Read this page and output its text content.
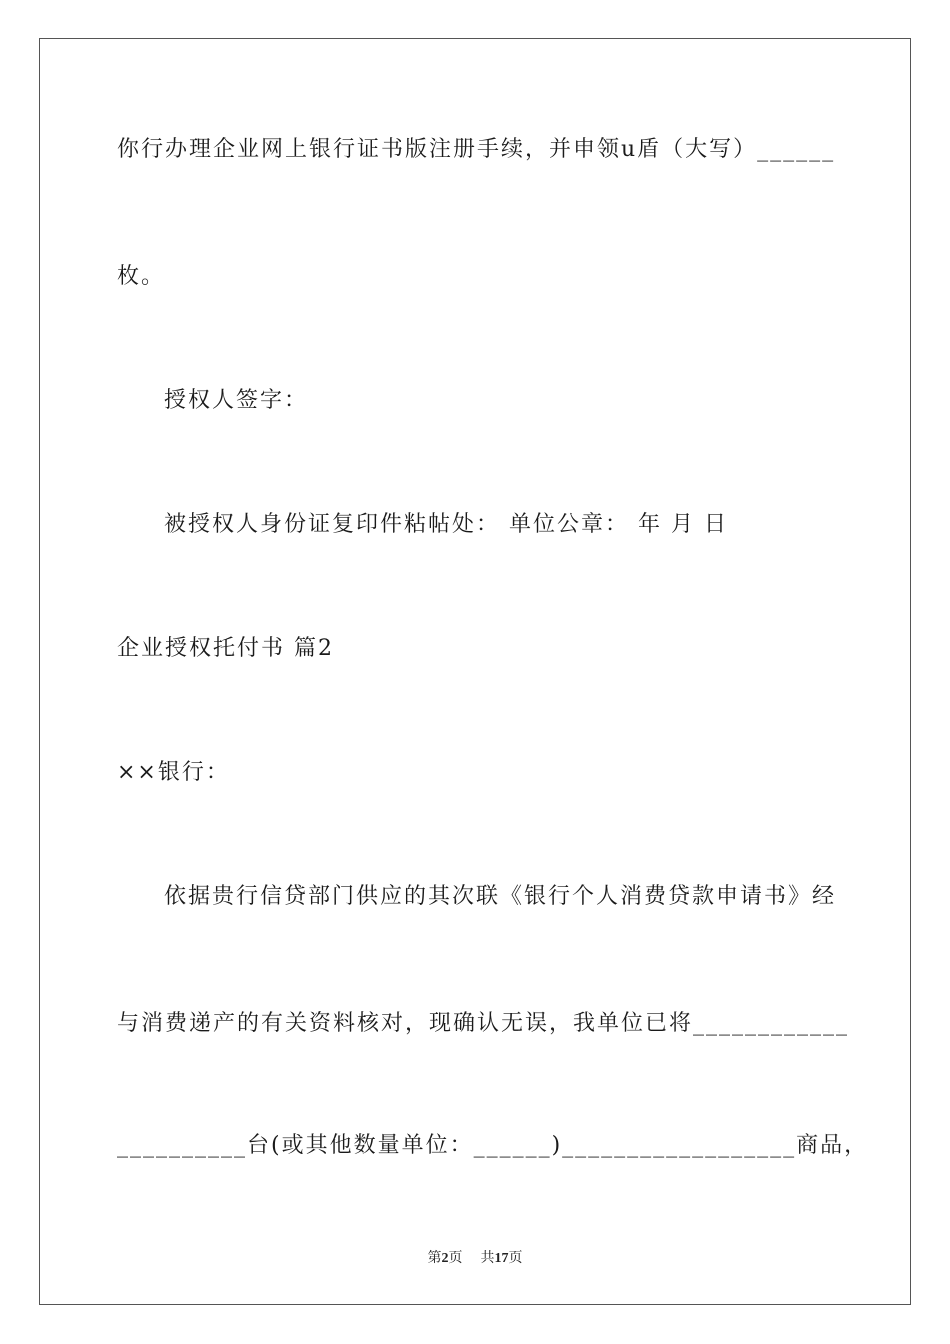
你行办理企业网上银行证书版注册手续，并申领u盾（大写）______
枚。
授权人签字：
被授权人身份证复印件粘帖处： 单位公章： 年 月 日
企业授权托付书 篇2
××银行：
依据贵行信贷部门供应的其次联《银行个人消费贷款申请书》经
与消费递产的有关资料核对，现确认无误，我单位已将____________
__________台(或其他数量单位：______)__________________商品，
第2页 共17页
